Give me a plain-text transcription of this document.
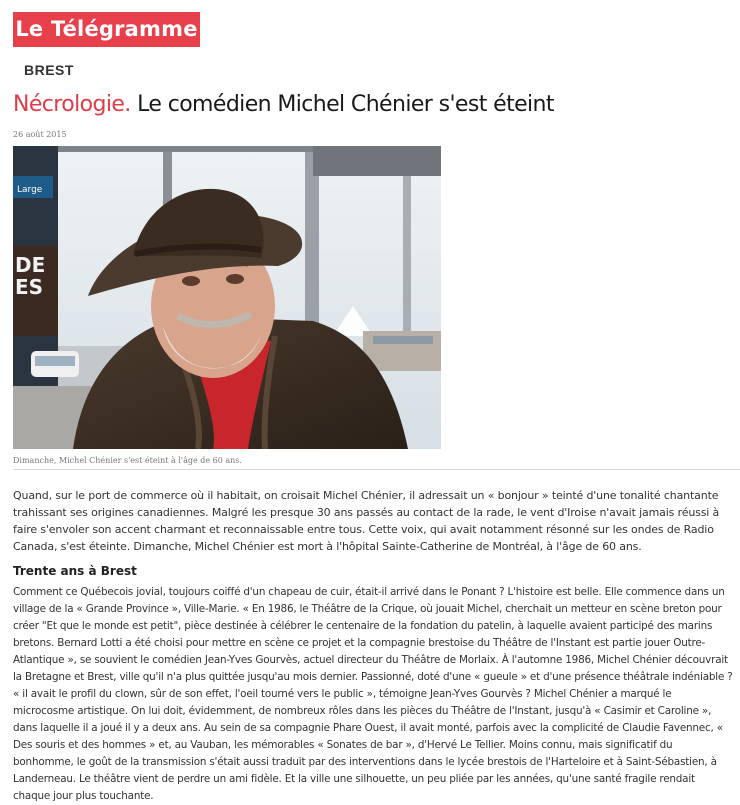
Le Télégramme
BREST
Nécrologie. Le comédien Michel Chénier s'est éteint
26 août 2015
Large
DE
ES
Dimanche, Michel Chénier s'est éteint à l'âge de 60 ans.

Quand, sur le port de commerce où il habitait, on croisait Michel Chénier, il adressait un « bonjour » teinté d'une tonalité chantante trahissant ses origines canadiennes. Malgré les presque 30 ans passés au contact de la rade, le vent d'Iroise n'avait jamais réussi à faire s'envoler son accent charmant et reconnaissable entre tous. Cette voix, qui avait notamment résonné sur les ondes de Radio Canada, s'est éteinte. Dimanche, Michel Chénier est mort à l'hôpital Sainte-Catherine de Montréal, à l'âge de 60 ans.

Trente ans à Brest

Comment ce Québecois jovial, toujours coiffé d'un chapeau de cuir, était-il arrivé dans le Ponant ? L'histoire est belle. Elle commence dans un village de la « Grande Province », Ville-Marie. « En 1986, le Théâtre de la Crique, où jouait Michel, cherchait un metteur en scène breton pour créer "Et que le monde est petit", pièce destinée à célébrer le centenaire de la fondation du patelin, à laquelle avaient participé des marins bretons. Bernard Lotti a été choisi pour mettre en scène ce projet et la compagnie brestoise du Théâtre de l'Instant est partie jouer Outre-Atlantique », se souvient le comédien Jean-Yves Gourvès, actuel directeur du Théâtre de Morlaix. À l'automne 1986, Michel Chénier découvrait la Bretagne et Brest, ville qu'il n'a plus quittée jusqu'au mois dernier. Passionné, doté d'une « gueule » et d'une présence théâtrale indéniable ? « il avait le profil du clown, sûr de son effet, l'oeil tourné vers le public », témoigne Jean-Yves Gourvès ? Michel Chénier a marqué le microcosme artistique. On lui doit, évidemment, de nombreux rôles dans les pièces du Théâtre de l'Instant, jusqu'à « Casimir et Caroline », dans laquelle il a joué il y a deux ans. Au sein de sa compagnie Phare Ouest, il avait monté, parfois avec la complicité de Claudie Favennec, « Des souris et des hommes » et, au Vauban, les mémorables « Sonates de bar », d'Hervé Le Tellier. Moins connu, mais significatif du bonhomme, le goût de la transmission s'était aussi traduit par des interventions dans le lycée brestois de l'Harteloire et à Saint-Sébastien, à Landerneau. Le théâtre vient de perdre un ami fidèle. Et la ville une silhouette, un peu pliée par les années, qu'une santé fragile rendait chaque jour plus touchante.
